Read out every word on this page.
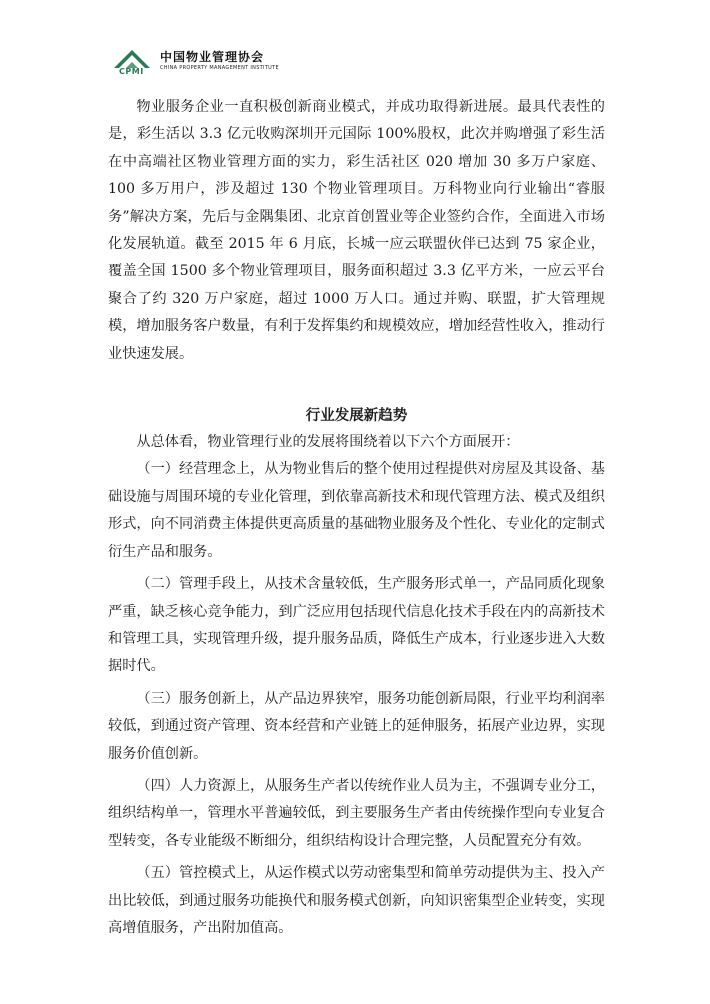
CPMI
中国物业管理协会
CHINA PROPERTY MANAGEMENT INSTITUTE

物业服务企业一直积极创新商业模式，并成功取得新进展。最具代表性的是，彩生活以 3.3 亿元收购深圳开元国际 100%股权，此次并购增强了彩生活在中高端社区物业管理方面的实力，彩生活社区 020 增加 30 多万户家庭、100 多万用户，涉及超过 130 个物业管理项目。万科物业向行业输出“睿服务”解决方案，先后与金隅集团、北京首创置业等企业签约合作，全面进入市场化发展轨道。截至 2015 年 6 月底，长城一应云联盟伙伴已达到 75 家企业，覆盖全国 1500 多个物业管理项目，服务面积超过 3.3 亿平方米，一应云平台聚合了约 320 万户家庭，超过 1000 万人口。通过并购、联盟，扩大管理规模，增加服务客户数量，有利于发挥集约和规模效应，增加经营性收入，推动行业快速发展。

行业发展新趋势

从总体看，物业管理行业的发展将围绕着以下六个方面展开：

（一）经营理念上，从为物业售后的整个使用过程提供对房屋及其设备、基础设施与周围环境的专业化管理，到依靠高新技术和现代管理方法、模式及组织形式，向不同消费主体提供更高质量的基础物业服务及个性化、专业化的定制式衍生产品和服务。

（二）管理手段上，从技术含量较低，生产服务形式单一，产品同质化现象严重，缺乏核心竞争能力，到广泛应用包括现代信息化技术手段在内的高新技术和管理工具，实现管理升级，提升服务品质，降低生产成本，行业逐步进入大数据时代。

（三）服务创新上，从产品边界狭窄，服务功能创新局限，行业平均利润率较低，到通过资产管理、资本经营和产业链上的延伸服务，拓展产业边界，实现服务价值创新。

（四）人力资源上，从服务生产者以传统作业人员为主，不强调专业分工，组织结构单一，管理水平普遍较低，到主要服务生产者由传统操作型向专业复合型转变，各专业能级不断细分，组织结构设计合理完整，人员配置充分有效。

（五）管控模式上，从运作模式以劳动密集型和简单劳动提供为主、投入产出比较低，到通过服务功能换代和服务模式创新，向知识密集型企业转变，实现高增值服务，产出附加值高。
